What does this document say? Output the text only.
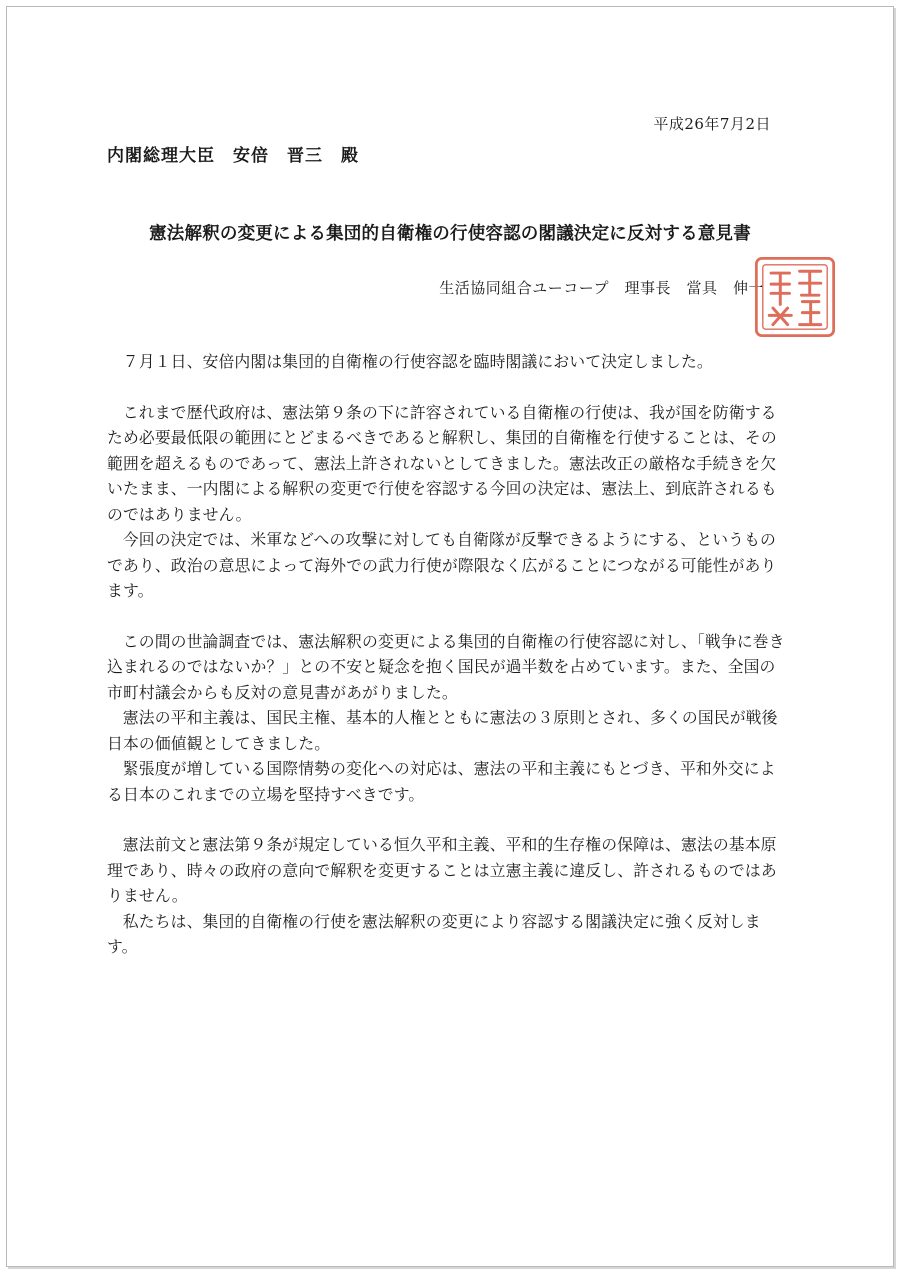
平成26年7月2日
内閣総理大臣　安倍　晋三　殿
憲法解釈の変更による集団的自衛権の行使容認の閣議決定に反対する意見書
生活協同組合ユーコープ　理事長　當具　伸一

７月１日、安倍内閣は集団的自衛権の行使容認を臨時閣議において決定しました。

これまで歴代政府は、憲法第９条の下に許容されている自衛権の行使は、我が国を防衛するため必要最低限の範囲にとどまるべきであると解釈し、集団的自衛権を行使することは、その範囲を超えるものであって、憲法上許されないとしてきました。憲法改正の厳格な手続きを欠いたまま、一内閣による解釈の変更で行使を容認する今回の決定は、憲法上、到底許されるものではありません。

今回の決定では、米軍などへの攻撃に対しても自衛隊が反撃できるようにする、というものであり、政治の意思によって海外での武力行使が際限なく広がることにつながる可能性があります。

この間の世論調査では、憲法解釈の変更による集団的自衛権の行使容認に対し、「戦争に巻き込まれるのではないか？」との不安と疑念を抱く国民が過半数を占めています。また、全国の市町村議会からも反対の意見書があがりました。

憲法の平和主義は、国民主権、基本的人権とともに憲法の３原則とされ、多くの国民が戦後日本の価値観としてきました。

緊張度が増している国際情勢の変化への対応は、憲法の平和主義にもとづき、平和外交による日本のこれまでの立場を堅持すべきです。

憲法前文と憲法第９条が規定している恒久平和主義、平和的生存権の保障は、憲法の基本原理であり、時々の政府の意向で解釈を変更することは立憲主義に違反し、許されるものではありません。

私たちは、集団的自衛権の行使を憲法解釈の変更により容認する閣議決定に強く反対します。
